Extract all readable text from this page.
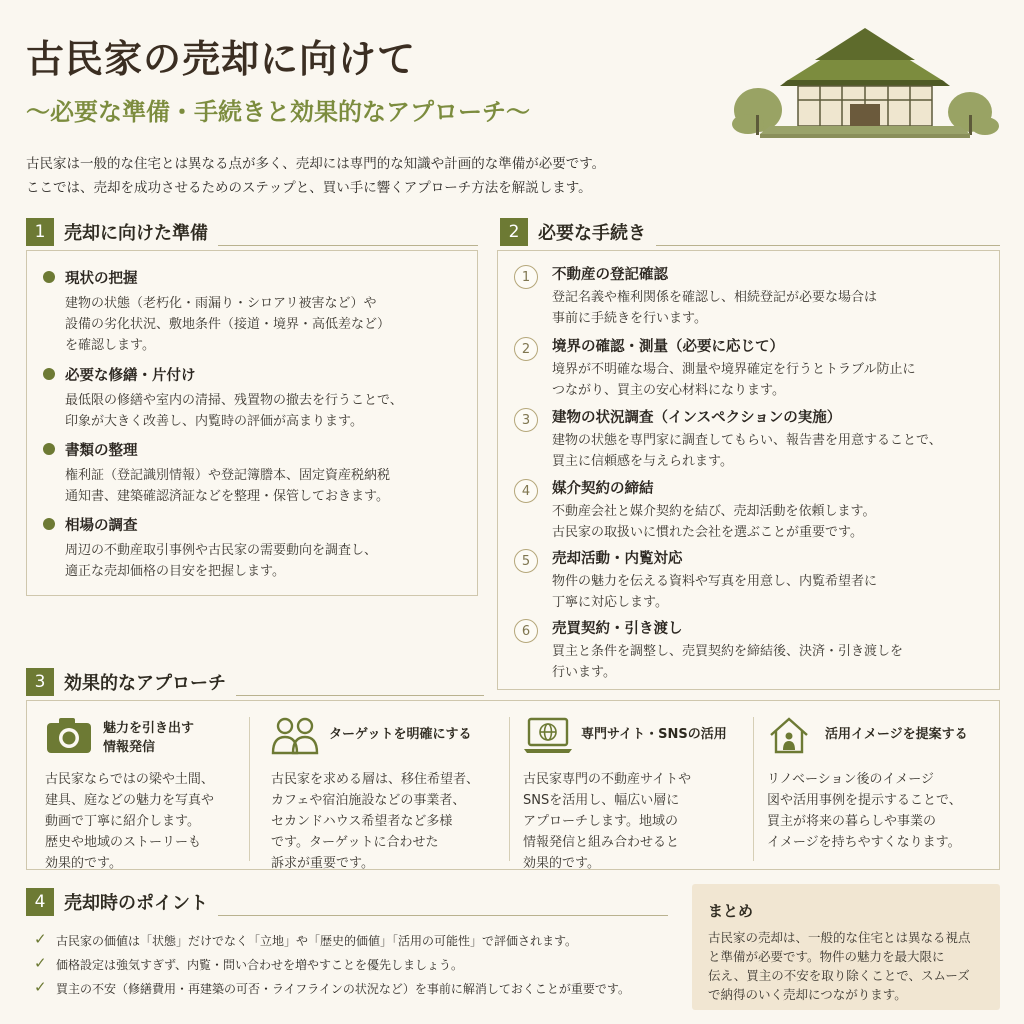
古民家の売却に向けて
～必要な準備・手続きと効果的なアプローチ～
古民家は一般的な住宅とは異なる点が多く、売却には専門的な知識や計画的な準備が必要です。
ここでは、売却を成功させるためのステップと、買い手に響くアプローチ方法を解説します。
1	売却に向けた準備
現状の把握
建物の状態（老朽化・雨漏り・シロアリ被害など）や
設備の劣化状況、敷地条件（接道・境界・高低差など）
を確認します。
必要な修繕・片付け
最低限の修繕や室内の清掃、残置物の撤去を行うことで、
印象が大きく改善し、内覧時の評価が高まります。
書類の整理
権利証（登記識別情報）や登記簿謄本、固定資産税納税
通知書、建築確認済証などを整理・保管しておきます。
相場の調査
周辺の不動産取引事例や古民家の需要動向を調査し、
適正な売却価格の目安を把握します。
2	必要な手続き
1	不動産の登記確認
登記名義や権利関係を確認し、相続登記が必要な場合は
事前に手続きを行います。
2	境界の確認・測量（必要に応じて）
境界が不明確な場合、測量や境界確定を行うとトラブル防止に
つながり、買主の安心材料になります。
3	建物の状況調査（インスペクションの実施）
建物の状態を専門家に調査してもらい、報告書を用意することで、
買主に信頼感を与えられます。
4	媒介契約の締結
不動産会社と媒介契約を結び、売却活動を依頼します。
古民家の取扱いに慣れた会社を選ぶことが重要です。
5	売却活動・内覧対応
物件の魅力を伝える資料や写真を用意し、内覧希望者に
丁寧に対応します。
6	売買契約・引き渡し
買主と条件を調整し、売買契約を締結後、決済・引き渡しを
行います。
3	効果的なアプローチ
魅力を引き出す
情報発信
古民家ならではの梁や土間、
建具、庭などの魅力を写真や
動画で丁寧に紹介します。
歴史や地域のストーリーも
効果的です。
ターゲットを明確にする
古民家を求める層は、移住希望者、
カフェや宿泊施設などの事業者、
セカンドハウス希望者など多様
です。ターゲットに合わせた
訴求が重要です。
専門サイト・SNSの活用
古民家専門の不動産サイトや
SNSを活用し、幅広い層に
アプローチします。地域の
情報発信と組み合わせると
効果的です。
活用イメージを提案する
リノベーション後のイメージ
図や活用事例を提示することで、
買主が将来の暮らしや事業の
イメージを持ちやすくなります。
4	売却時のポイント
✓ 古民家の価値は「状態」だけでなく「立地」や「歴史的価値」「活用の可能性」で評価されます。
✓ 価格設定は強気すぎず、内覧・問い合わせを増やすことを優先しましょう。
✓ 買主の不安（修繕費用・再建築の可否・ライフラインの状況など）を事前に解消しておくことが重要です。
まとめ
古民家の売却は、一般的な住宅とは異なる視点
と準備が必要です。物件の魅力を最大限に
伝え、買主の不安を取り除くことで、スムーズ
で納得のいく売却につながります。
